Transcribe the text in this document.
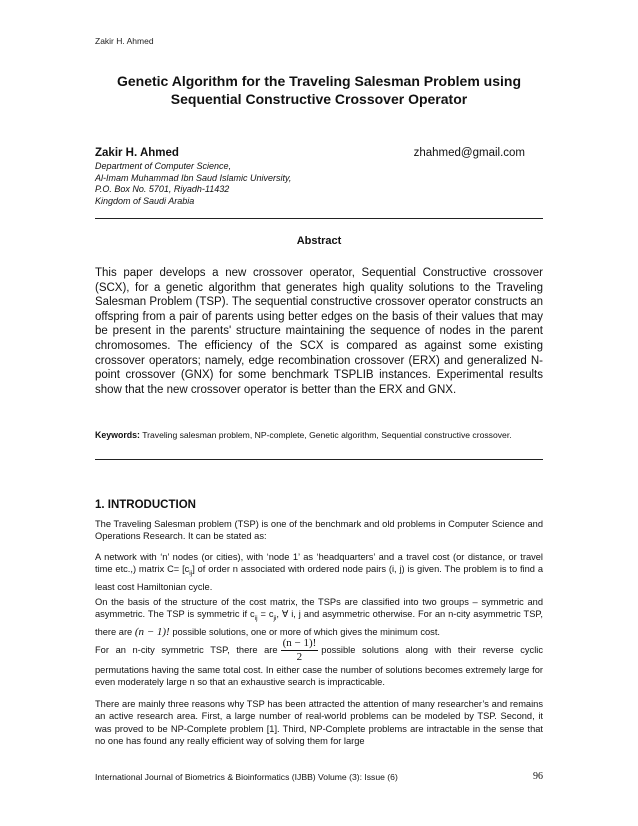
Zakir H. Ahmed
Genetic Algorithm for the Traveling Salesman Problem using
Sequential Constructive Crossover Operator
Zakir H. Ahmed	zhahmed@gmail.com
Department of Computer Science,
Al-Imam Muhammad Ibn Saud Islamic University,
P.O. Box No. 5701, Riyadh-11432
Kingdom of Saudi Arabia
Abstract
This paper develops a new crossover operator, Sequential Constructive crossover (SCX), for a genetic algorithm that generates high quality solutions to the Traveling Salesman Problem (TSP). The sequential constructive crossover operator constructs an offspring from a pair of parents using better edges on the basis of their values that may be present in the parents' structure maintaining the sequence of nodes in the parent chromosomes. The efficiency of the SCX is compared as against some existing crossover operators; namely, edge recombination crossover (ERX) and generalized N-point crossover (GNX) for some benchmark TSPLIB instances. Experimental results show that the new crossover operator is better than the ERX and GNX.
Keywords: Traveling salesman problem, NP-complete, Genetic algorithm, Sequential constructive crossover.
1. INTRODUCTION
The Traveling Salesman problem (TSP) is one of the benchmark and old problems in Computer Science and Operations Research. It can be stated as:
A network with ‘n’ nodes (or cities), with ‘node 1’ as ‘headquarters’ and a travel cost (or distance, or travel time etc.,) matrix $C= [c_{ij}]$ of order n associated with ordered node pairs (i, j) is given. The problem is to find a least cost Hamiltonian cycle.
On the basis of the structure of the cost matrix, the TSPs are classified into two groups – symmetric and asymmetric. The TSP is symmetric if $c_{ij} = c_{ji}$, ∀ i, j and asymmetric otherwise. For an n-city asymmetric TSP, there are (n − 1)! possible solutions, one or more of which gives the minimum cost.
For an n-city symmetric TSP, there are $\frac{(n - 1)!}{2}$ possible solutions along with their reverse cyclic permutations having the same total cost. In either case the number of solutions becomes extremely large for even moderately large n so that an exhaustive search is impracticable.
There are mainly three reasons why TSP has been attracted the attention of many researcher’s and remains an active research area. First, a large number of real-world problems can be modeled by TSP. Second, it was proved to be NP-Complete problem [1]. Third, NP-Complete problems are intractable in the sense that no one has found any really efficient way of solving them for large
International Journal of Biometrics & Bioinformatics (IJBB) Volume (3): Issue (6)	96
